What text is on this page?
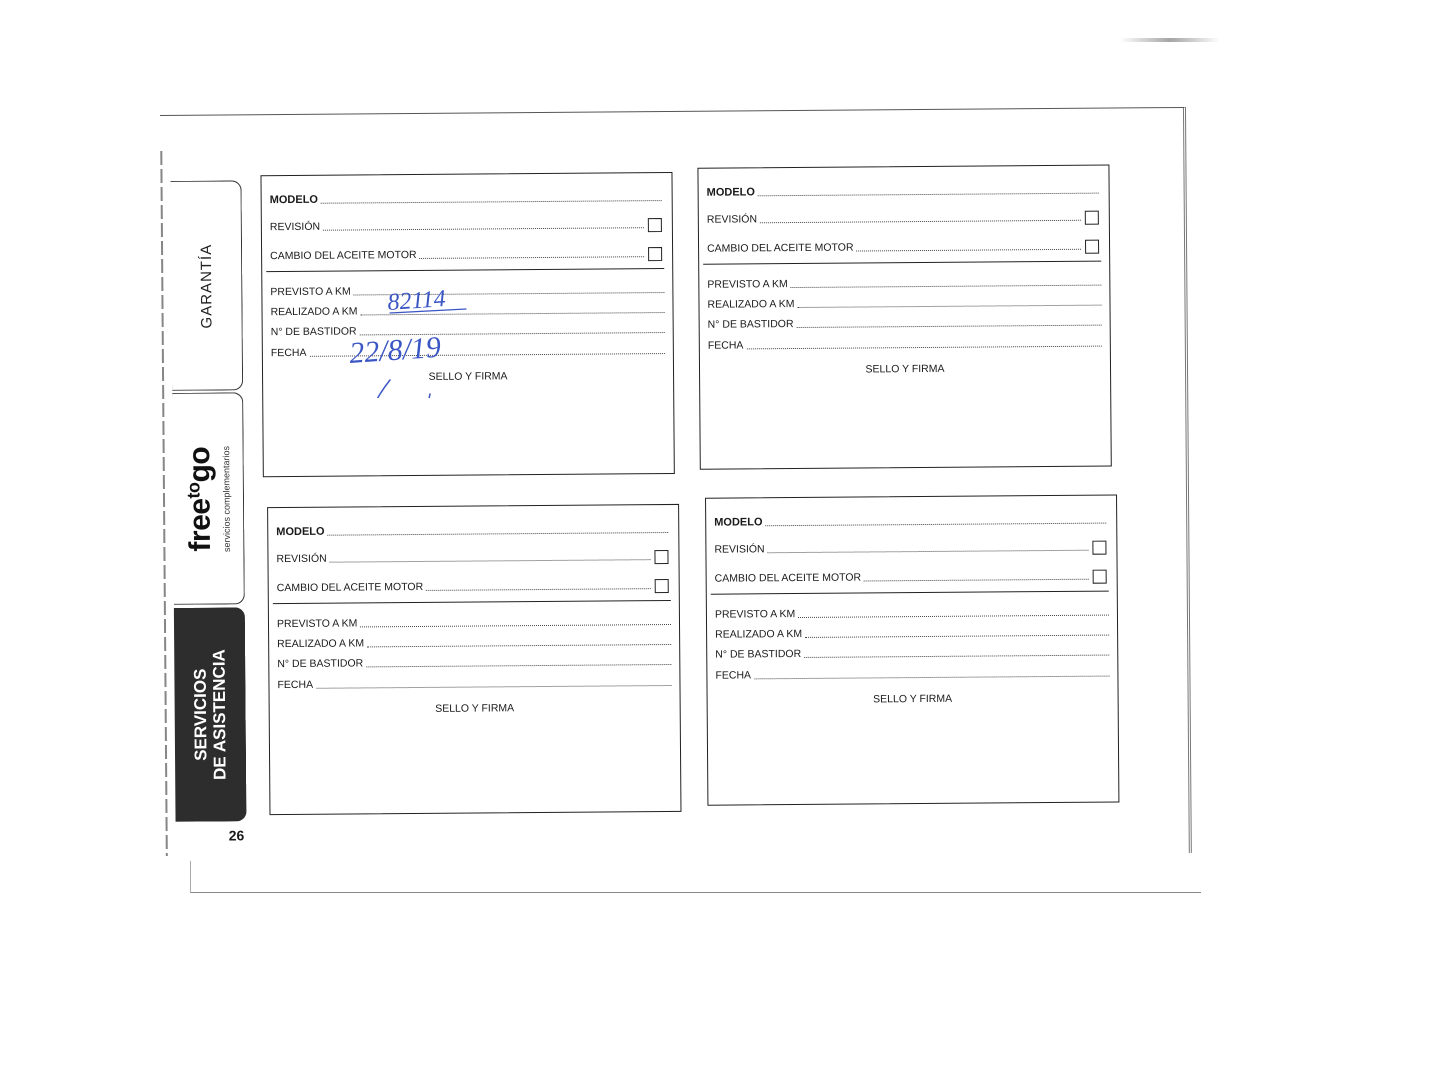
GARANTÍA
free$^{to}$go servicios complementarios
SERVICIOS DE ASISTENCIA
26
MODELO
REVISIÓN
CAMBIO DEL ACEITE MOTOR
PREVISTO A KM
REALIZADO A KM
N° DE BASTIDOR
FECHA
SELLO Y FIRMA
MODELO
REVISIÓN
CAMBIO DEL ACEITE MOTOR
PREVISTO A KM
REALIZADO A KM
N° DE BASTIDOR
FECHA
SELLO Y FIRMA
MODELO
REVISIÓN
CAMBIO DEL ACEITE MOTOR
PREVISTO A KM
REALIZADO A KM
N° DE BASTIDOR
FECHA
SELLO Y FIRMA
MODELO
REVISIÓN
CAMBIO DEL ACEITE MOTOR
PREVISTO A KM
REALIZADO A KM
N° DE BASTIDOR
FECHA
SELLO Y FIRMA
82114
22/8/19
